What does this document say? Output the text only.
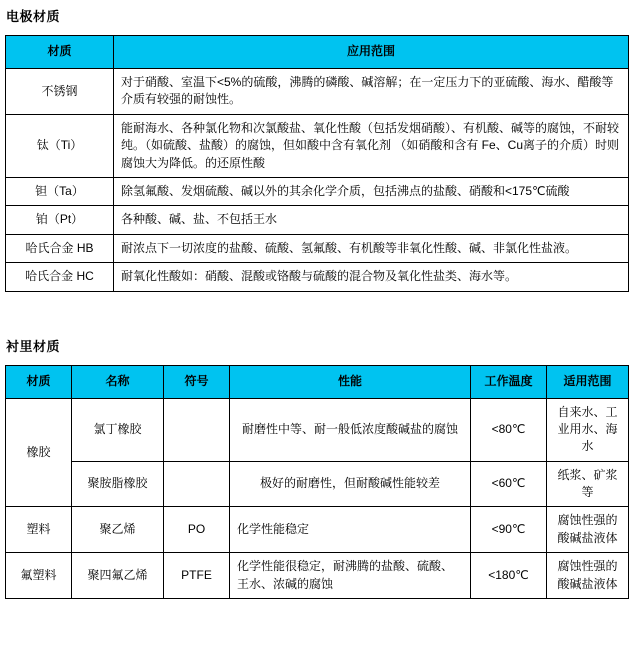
电极材质
材质	应用范围
不锈钢	对于硝酸、室温下<5%的硫酸，沸腾的磷酸、碱溶解；在一定压力下的亚硫酸、海水、醋酸等介质有较强的耐蚀性。
钛（Ti）	能耐海水、各种氯化物和次氯酸盐、氧化性酸（包括发烟硝酸）、有机酸、碱等的腐蚀，不耐较纯。（如硫酸、盐酸）的腐蚀，但如酸中含有氧化剂 （如硝酸和含有 Fe、Cu离子的介质）时则腐蚀大为降低。的还原性酸
钽（Ta）	除氢氟酸、发烟硫酸、碱以外的其余化学介质，包括沸点的盐酸、硝酸和<175℃硫酸
铂（Pt）	各种酸、碱、盐、不包括王水
哈氏合金 HB	耐浓点下一切浓度的盐酸、硫酸、氢氟酸、有机酸等非氧化性酸、碱、非氯化性盐液。
哈氏合金 HC	耐氧化性酸如：硝酸、混酸或铬酸与硫酸的混合物及氧化性盐类、海水等。
衬里材质
材质	名称	符号	性能	工作温度	适用范围
橡胶	氯丁橡胶		耐磨性中等、耐一般低浓度酸碱盐的腐蚀	<80℃	自来水、工业用水、海水
	聚胺脂橡胶		极好的耐磨性，但耐酸碱性能较差	<60℃	纸浆、矿浆等
塑料	聚乙烯	PO	化学性能稳定	<90℃	腐蚀性强的酸碱盐液体
氟塑料	聚四氟乙烯	PTFE	化学性能很稳定，耐沸腾的盐酸、硫酸、王水、浓碱的腐蚀	<180℃	腐蚀性强的酸碱盐液体
